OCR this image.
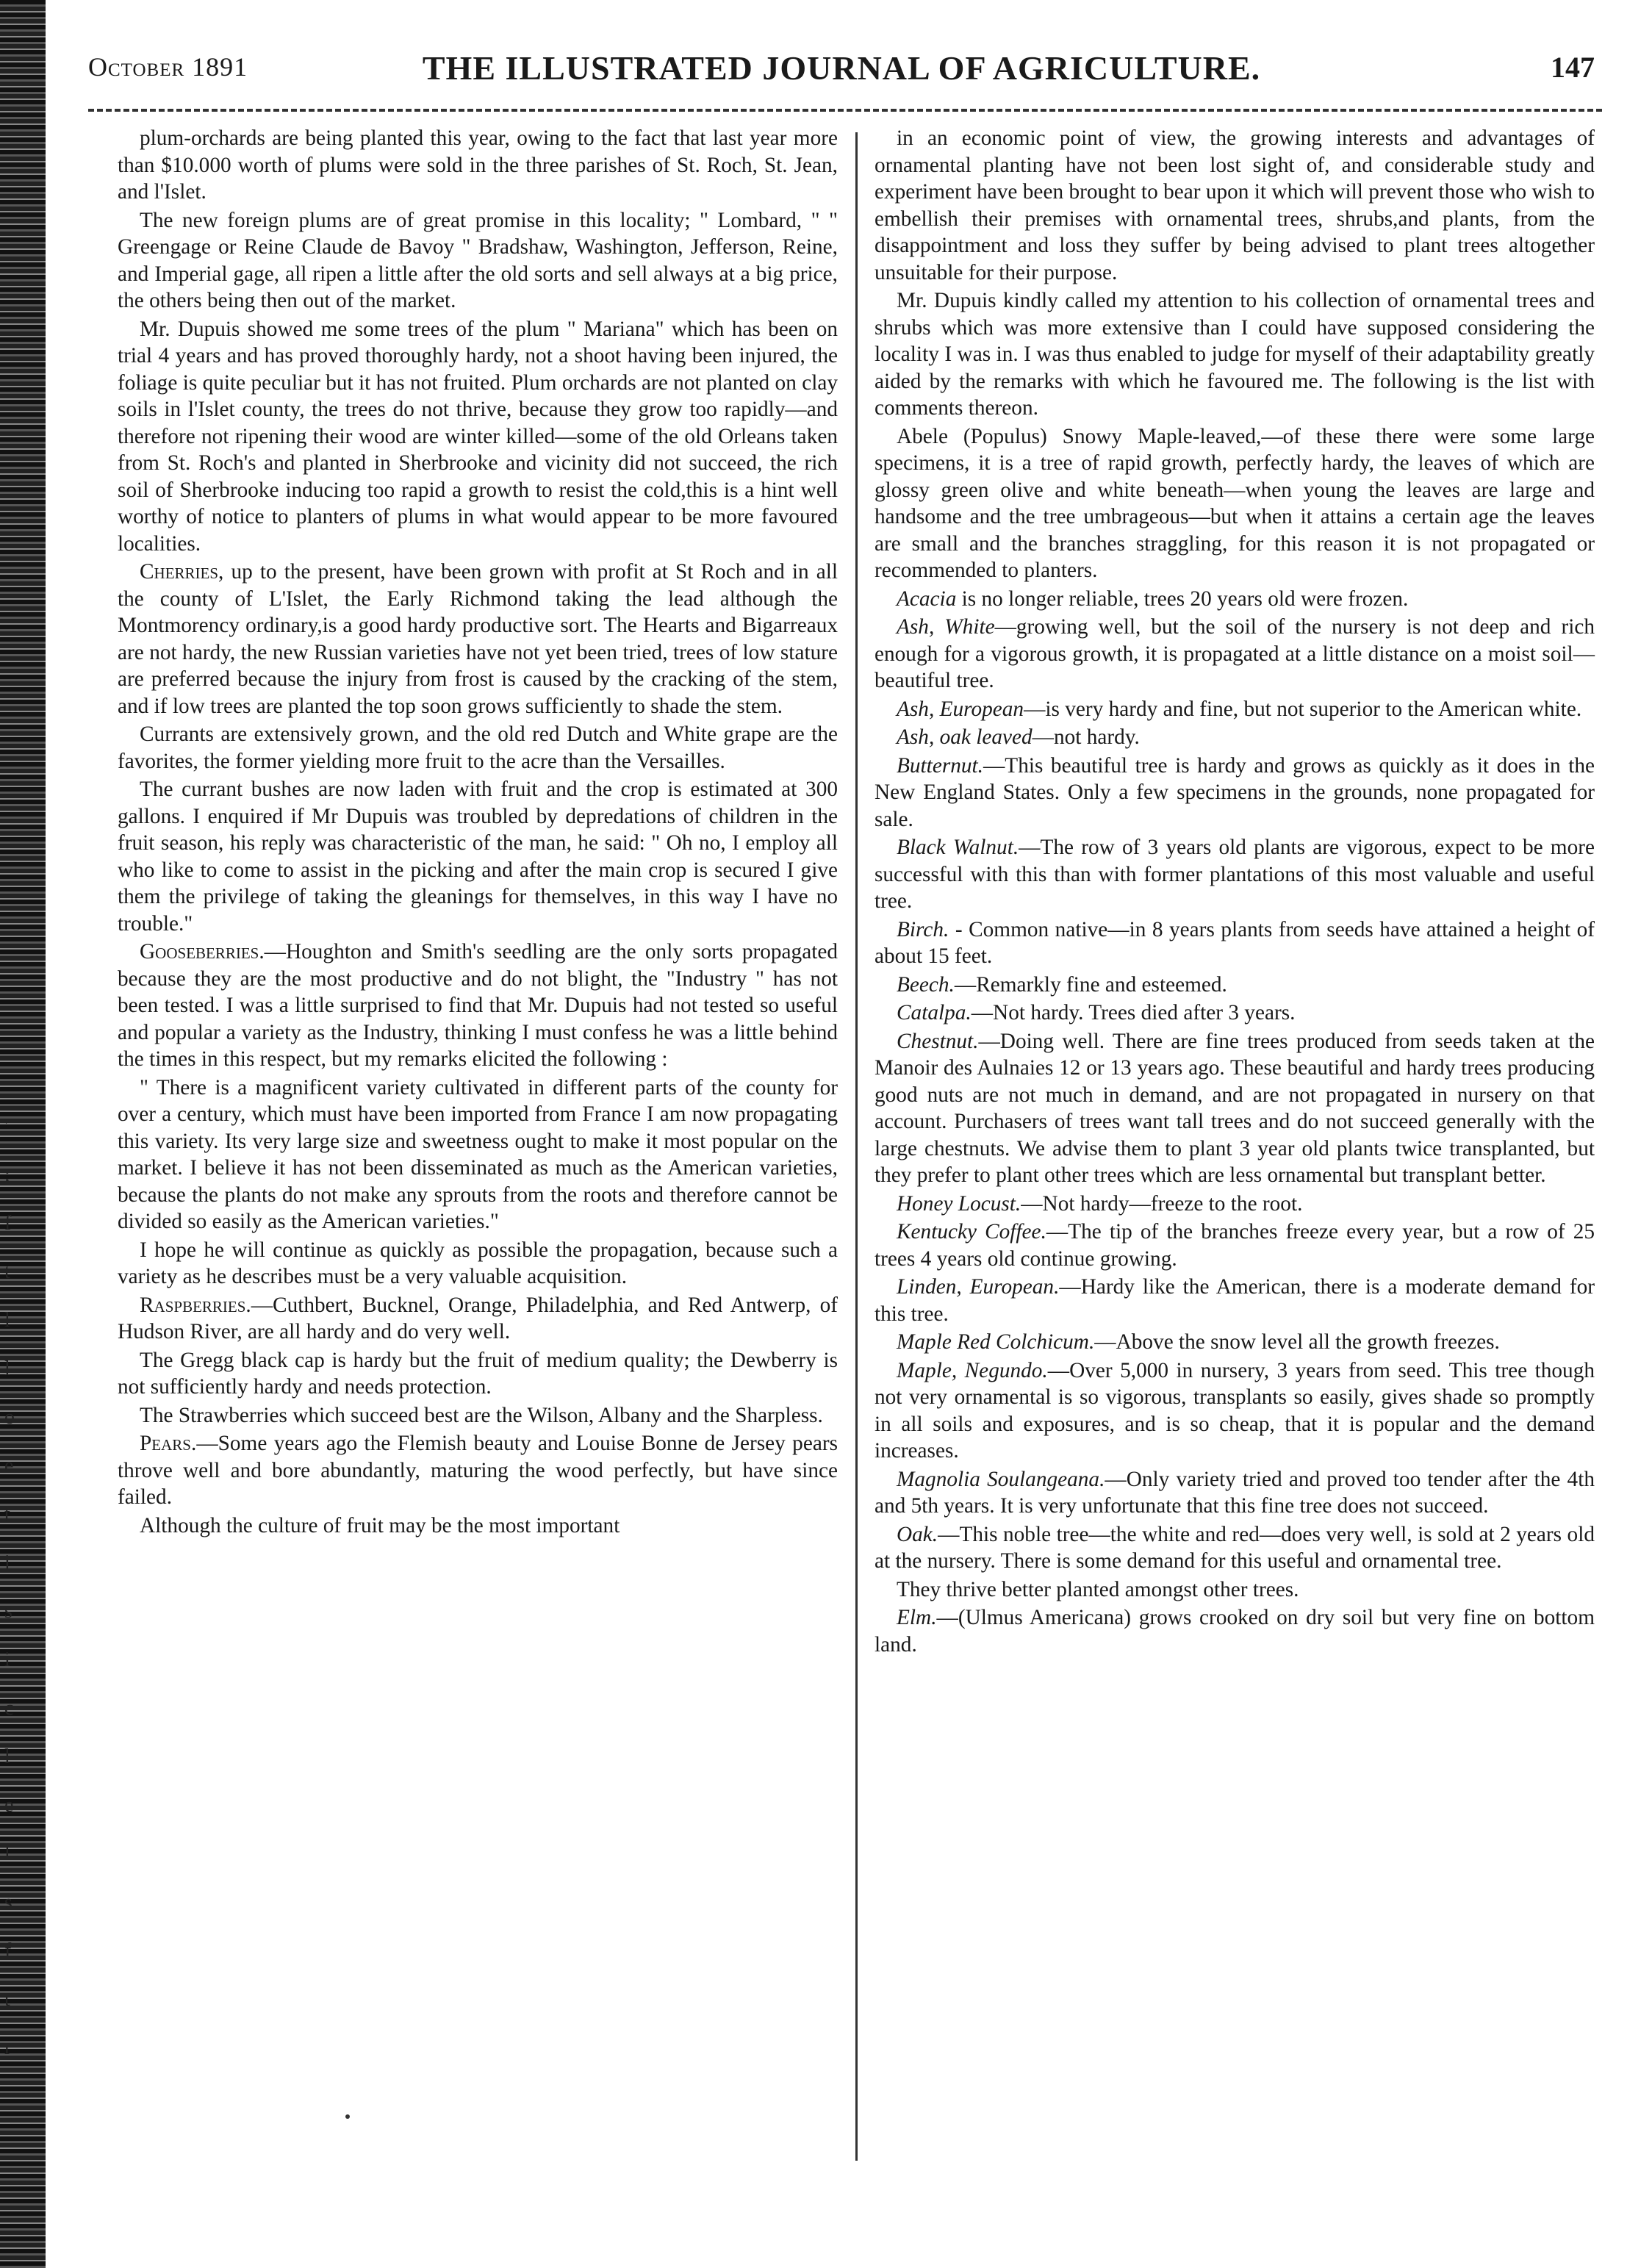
'
;
f
t
l
l
o
e
t
i
s
i
c
l
e
l
s
f
t
r
October 1891	THE ILLUSTRATED JOURNAL OF AGRICULTURE.	147

plum-orchards are being planted this year, owing to the fact that last year more than $10.000 worth of plums were sold in the three parishes of St. Roch, St. Jean, and l'Islet.

The new foreign plums are of great promise in this locality; " Lombard, " " Greengage or Reine Claude de Bavoy " Bradshaw, Washington, Jefferson, Reine, and Imperial gage, all ripen a little after the old sorts and sell always at a big price, the others being then out of the market.

Mr. Dupuis showed me some trees of the plum " Mariana" which has been on trial 4 years and has proved thoroughly hardy, not a shoot having been injured, the foliage is quite peculiar but it has not fruited. Plum orchards are not planted on clay soils in l'Islet county, the trees do not thrive, because they grow too rapidly—and therefore not ripening their wood are winter killed—some of the old Orleans taken from St. Roch's and planted in Sherbrooke and vicinity did not succeed, the rich soil of Sherbrooke inducing too rapid a growth to resist the cold,this is a hint well worthy of notice to planters of plums in what would appear to be more favoured localities.

Cherries, up to the present, have been grown with profit at St Roch and in all the county of L'Islet, the Early Richmond taking the lead although the Montmorency ordinary,is a good hardy productive sort. The Hearts and Bigarreaux are not hardy, the new Russian varieties have not yet been tried, trees of low stature are preferred because the injury from frost is caused by the cracking of the stem, and if low trees are planted the top soon grows sufficiently to shade the stem.

Currants are extensively grown, and the old red Dutch and White grape are the favorites, the former yielding more fruit to the acre than the Versailles.

The currant bushes are now laden with fruit and the crop is estimated at 300 gallons. I enquired if Mr Dupuis was troubled by depredations of children in the fruit season, his reply was characteristic of the man, he said: " Oh no, I employ all who like to come to assist in the picking and after the main crop is secured I give them the privilege of taking the gleanings for themselves, in this way I have no trouble."

Gooseberries.—Houghton and Smith's seedling are the only sorts propagated because they are the most productive and do not blight, the "Industry " has not been tested. I was a little surprised to find that Mr. Dupuis had not tested so useful and popular a variety as the Industry, thinking I must confess he was a little behind the times in this respect, but my remarks elicited the following :

" There is a magnificent variety cultivated in different parts of the county for over a century, which must have been imported from France I am now propagating this variety. Its very large size and sweetness ought to make it most popular on the market. I believe it has not been disseminated as much as the American varieties, because the plants do not make any sprouts from the roots and therefore cannot be divided so easily as the American varieties."

I hope he will continue as quickly as possible the propagation, because such a variety as he describes must be a very valuable acquisition.

Raspberries.—Cuthbert, Bucknel, Orange, Philadelphia, and Red Antwerp, of Hudson River, are all hardy and do very well.

The Gregg black cap is hardy but the fruit of medium quality; the Dewberry is not sufficiently hardy and needs protection.

The Strawberries which succeed best are the Wilson, Albany and the Sharpless.

Pears.—Some years ago the Flemish beauty and Louise Bonne de Jersey pears throve well and bore abundantly, maturing the wood perfectly, but have since failed.

Although the culture of fruit may be the most important

in an economic point of view, the growing interests and advantages of ornamental planting have not been lost sight of, and considerable study and experiment have been brought to bear upon it which will prevent those who wish to embellish their premises with ornamental trees, shrubs,and plants, from the disappointment and loss they suffer by being advised to plant trees altogether unsuitable for their purpose.

Mr. Dupuis kindly called my attention to his collection of ornamental trees and shrubs which was more extensive than I could have supposed considering the locality I was in. I was thus enabled to judge for myself of their adaptability greatly aided by the remarks with which he favoured me. The following is the list with comments thereon.

Abele (Populus) Snowy Maple-leaved,—of these there were some large specimens, it is a tree of rapid growth, perfectly hardy, the leaves of which are glossy green olive and white beneath—when young the leaves are large and handsome and the tree umbrageous—but when it attains a certain age the leaves are small and the branches straggling, for this reason it is not propagated or recommended to planters.

Acacia is no longer reliable, trees 20 years old were frozen.

Ash, White—growing well, but the soil of the nursery is not deep and rich enough for a vigorous growth, it is propagated at a little distance on a moist soil—beautiful tree.

Ash, European—is very hardy and fine, but not superior to the American white.

Ash, oak leaved—not hardy.

Butternut.—This beautiful tree is hardy and grows as quickly as it does in the New England States. Only a few specimens in the grounds, none propagated for sale.

Black Walnut.—The row of 3 years old plants are vigorous, expect to be more successful with this than with former plantations of this most valuable and useful tree.

Birch. - Common native—in 8 years plants from seeds have attained a height of about 15 feet.

Beech.—Remarkly fine and esteemed.

Catalpa.—Not hardy. Trees died after 3 years.

Chestnut.—Doing well. There are fine trees produced from seeds taken at the Manoir des Aulnaies 12 or 13 years ago. These beautiful and hardy trees producing good nuts are not much in demand, and are not propagated in nursery on that account. Purchasers of trees want tall trees and do not succeed generally with the large chestnuts. We advise them to plant 3 year old plants twice transplanted, but they prefer to plant other trees which are less ornamental but transplant better.

Honey Locust.—Not hardy—freeze to the root.

Kentucky Coffee.—The tip of the branches freeze every year, but a row of 25 trees 4 years old continue growing.

Linden, European.—Hardy like the American, there is a moderate demand for this tree.

Maple Red Colchicum.—Above the snow level all the growth freezes.

Maple, Negundo.—Over 5,000 in nursery, 3 years from seed. This tree though not very ornamental is so vigorous, transplants so easily, gives shade so promptly in all soils and exposures, and is so cheap, that it is popular and the demand increases.

Magnolia Soulangeana.—Only variety tried and proved too tender after the 4th and 5th years. It is very unfortunate that this fine tree does not succeed.

Oak.—This noble tree—the white and red—does very well, is sold at 2 years old at the nursery. There is some demand for this useful and ornamental tree.

They thrive better planted amongst other trees.

Elm.—(Ulmus Americana) grows crooked on dry soil but very fine on bottom land.
